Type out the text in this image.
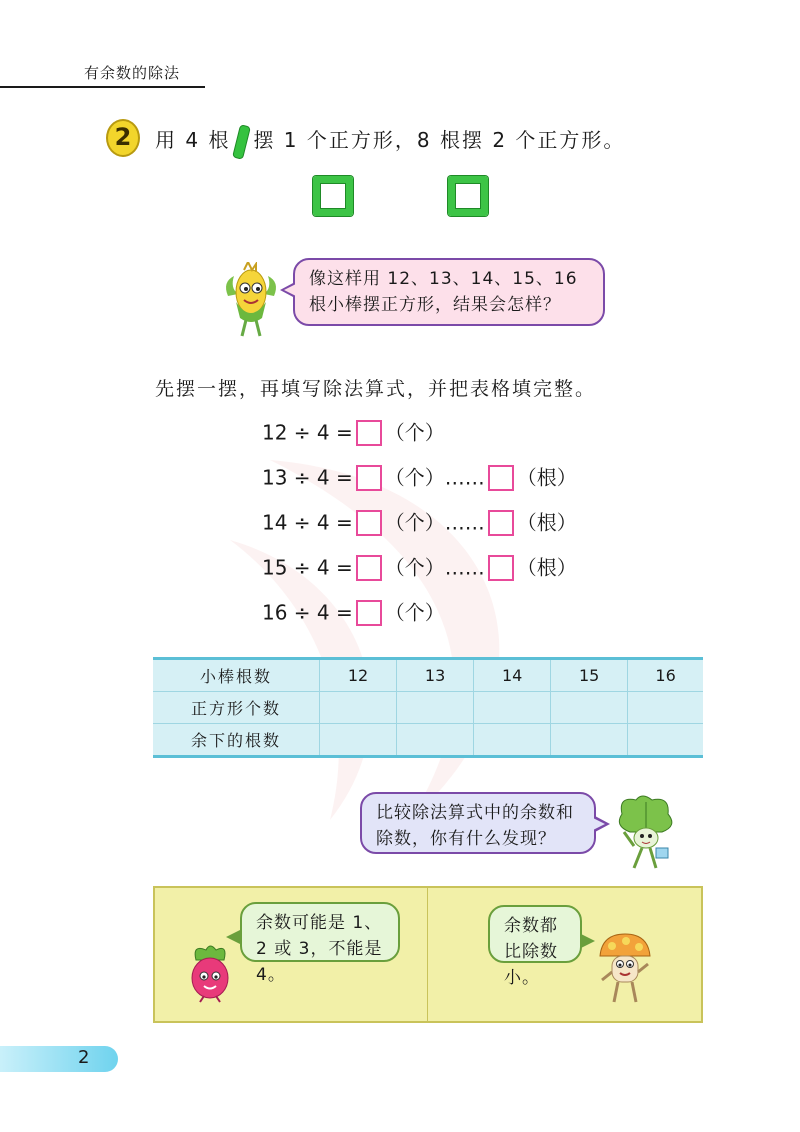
有余数的除法
2	用 4 根 摆 1 个正方形，8 根摆 2 个正方形。
像这样用 12、13、14、15、16 根小棒摆正方形，结果会怎样？
先摆一摆，再填写除法算式，并把表格填完整。
12 ÷ 4 = （个）
13 ÷ 4 = （个）…… （根）
14 ÷ 4 = （个）…… （根）
15 ÷ 4 = （个）…… （根）
16 ÷ 4 = （个）
小棒根数	12	13	14	15	16
正方形个数					
余下的根数					
比较除法算式中的余数和除数，你有什么发现？
余数可能是 1、2 或 3，不能是 4。
余数都比除数小。
2
